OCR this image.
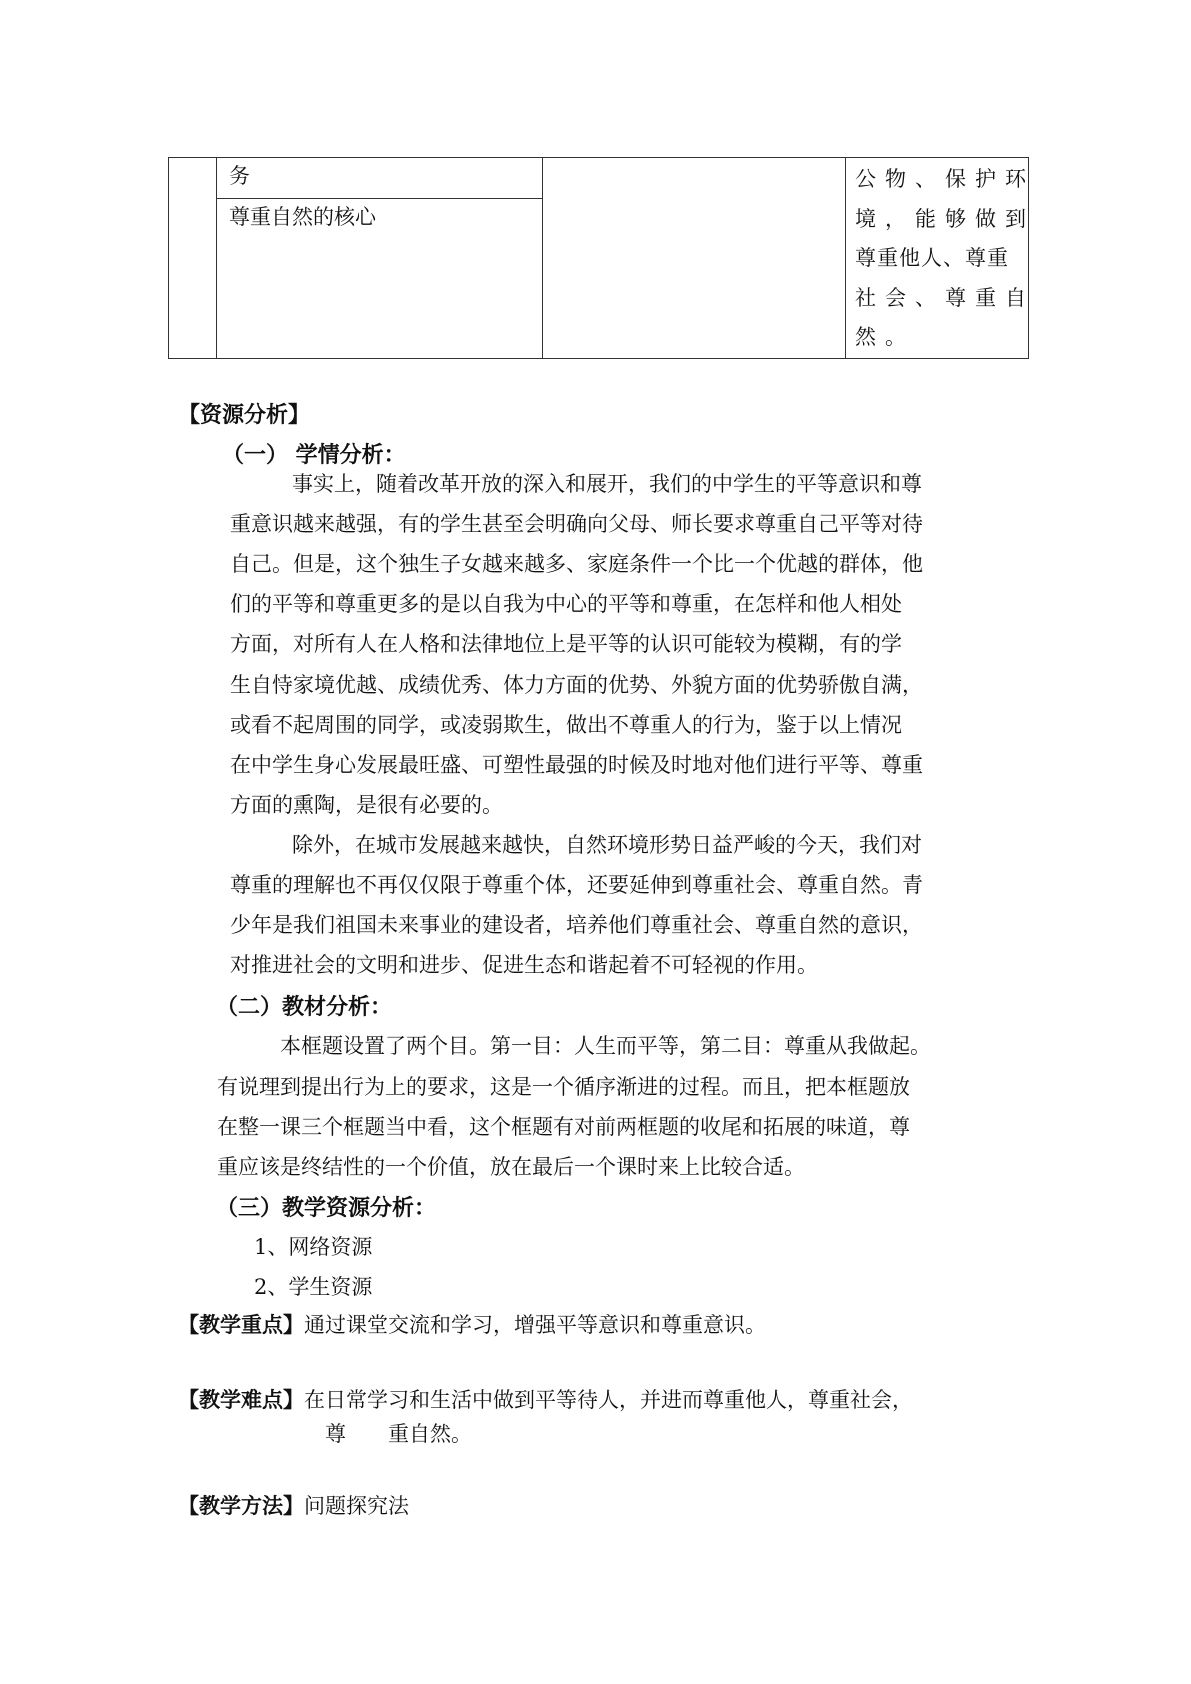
务
尊重自然的核心
公物、保护环
境，能够做到
尊重他人、尊重
社会、尊重自
然。
【资源分析】
（一） 学情分析：
事实上，随着改革开放的深入和展开，我们的中学生的平等意识和尊
重意识越来越强，有的学生甚至会明确向父母、师长要求尊重自己平等对待
自己。但是，这个独生子女越来越多、家庭条件一个比一个优越的群体，他
们的平等和尊重更多的是以自我为中心的平等和尊重，在怎样和他人相处
方面，对所有人在人格和法律地位上是平等的认识可能较为模糊，有的学
生自恃家境优越、成绩优秀、体力方面的优势、外貌方面的优势骄傲自满，
或看不起周围的同学，或凌弱欺生，做出不尊重人的行为，鉴于以上情况
在中学生身心发展最旺盛、可塑性最强的时候及时地对他们进行平等、尊重
方面的熏陶，是很有必要的。
除外，在城市发展越来越快，自然环境形势日益严峻的今天，我们对
尊重的理解也不再仅仅限于尊重个体，还要延伸到尊重社会、尊重自然。青
少年是我们祖国未来事业的建设者，培养他们尊重社会、尊重自然的意识，
对推进社会的文明和进步、促进生态和谐起着不可轻视的作用。
（二）教材分析：
本框题设置了两个目。第一目：人生而平等，第二目：尊重从我做起。
有说理到提出行为上的要求，这是一个循序渐进的过程。而且，把本框题放
在整一课三个框题当中看，这个框题有对前两框题的收尾和拓展的味道，尊
重应该是终结性的一个价值，放在最后一个课时来上比较合适。
（三）教学资源分析：
1、网络资源
2、学生资源
【教学重点】通过课堂交流和学习，增强平等意识和尊重意识。
【教学难点】在日常学习和生活中做到平等待人，并进而尊重他人，尊重社会，
尊　　重自然。
【教学方法】问题探究法
